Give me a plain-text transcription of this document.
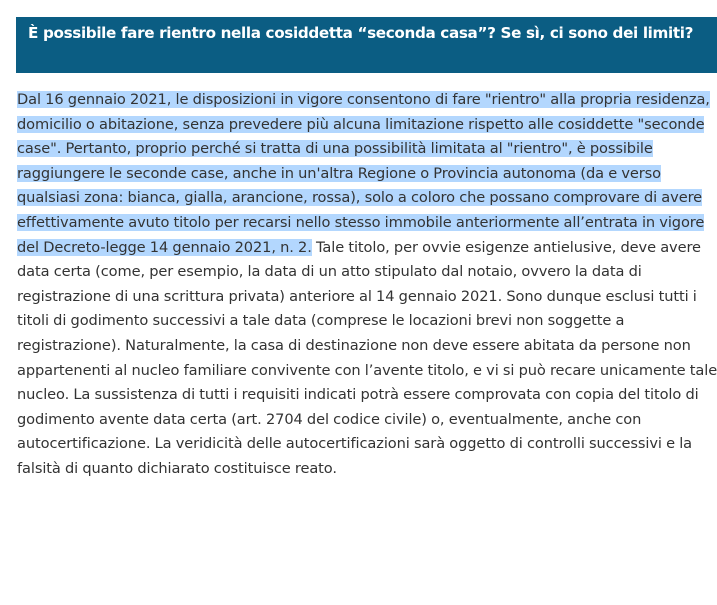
È possibile fare rientro nella cosiddetta “seconda casa”? Se sì, ci sono dei limiti?

Dal 16 gennaio 2021, le disposizioni in vigore consentono di fare "rientro" alla propria residenza, domicilio o abitazione, senza prevedere più alcuna limitazione rispetto alle cosiddette "seconde case". Pertanto, proprio perché si tratta di una possibilità limitata al "rientro", è possibile raggiungere le seconde case, anche in un'altra Regione o Provincia autonoma (da e verso qualsiasi zona: bianca, gialla, arancione, rossa), solo a coloro che possano comprovare di avere effettivamente avuto titolo per recarsi nello stesso immobile anteriormente all’entrata in vigore del Decreto-legge 14 gennaio 2021, n. 2. Tale titolo, per ovvie esigenze antielusive, deve avere data certa (come, per esempio, la data di un atto stipulato dal notaio, ovvero la data di registrazione di una scrittura privata) anteriore al 14 gennaio 2021. Sono dunque esclusi tutti i titoli di godimento successivi a tale data (comprese le locazioni brevi non soggette a registrazione). Naturalmente, la casa di destinazione non deve essere abitata da persone non appartenenti al nucleo familiare convivente con l’avente titolo, e vi si può recare unicamente tale nucleo. La sussistenza di tutti i requisiti indicati potrà essere comprovata con copia del titolo di godimento avente data certa (art. 2704 del codice civile) o, eventualmente, anche con autocertificazione. La veridicità delle autocertificazioni sarà oggetto di controlli successivi e la falsità di quanto dichiarato costituisce reato.
